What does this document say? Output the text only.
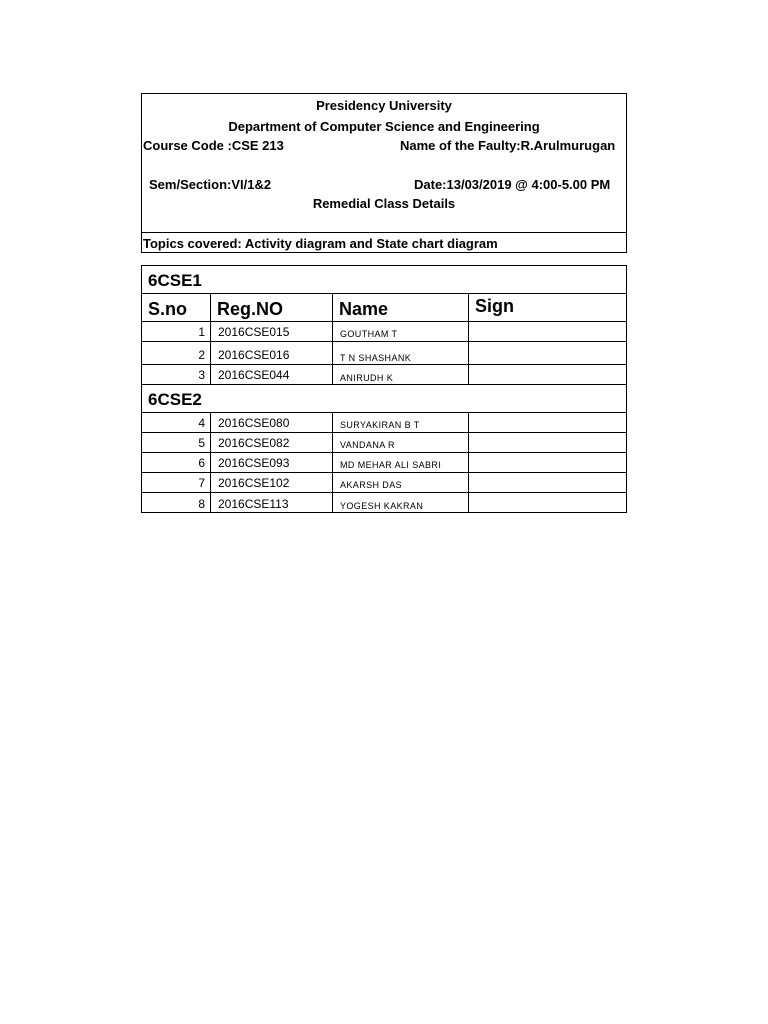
Presidency University
Department of Computer Science and Engineering
Course Code :CSE 213	Name of the Faulty:R.Arulmurugan
Sem/Section:VI/1&2	Date:13/03/2019 @ 4:00-5.00 PM
Remedial Class Details
Topics covered: Activity diagram and State chart diagram
6CSE1
S.no Reg.NO	Name	Sign
1 2016CSE015	GOUTHAM T
2 2016CSE016	T N SHASHANK
3 2016CSE044	ANIRUDH K
6CSE2
4 2016CSE080	SURYAKIRAN B T
5 2016CSE082	VANDANA R
6 2016CSE093	MD MEHAR ALI SABRI
7 2016CSE102	AKARSH DAS
8 2016CSE113	YOGESH KAKRAN
